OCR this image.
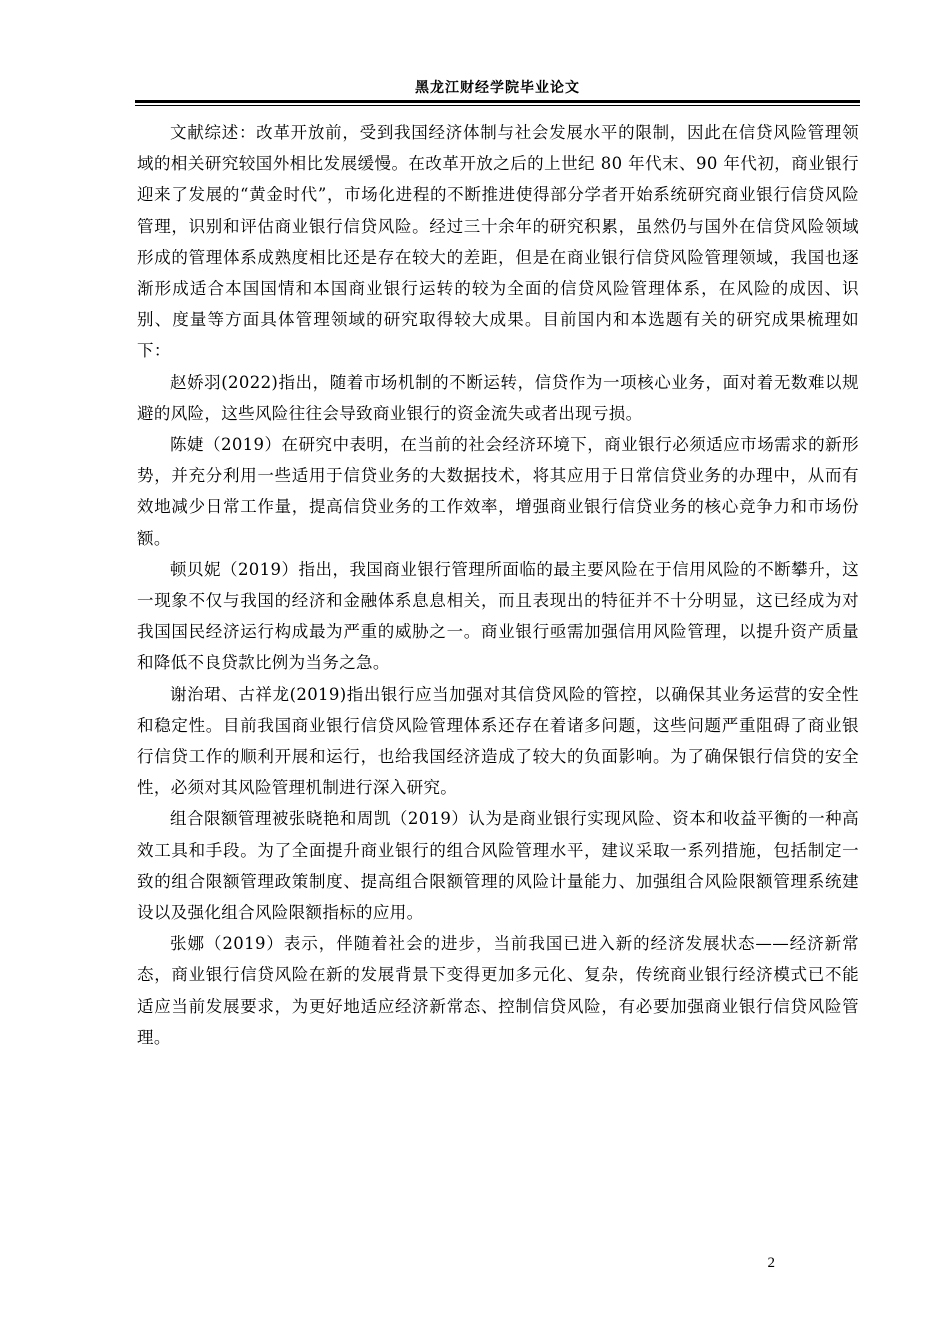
黑龙江财经学院毕业论文

文献综述：改革开放前，受到我国经济体制与社会发展水平的限制，因此在信贷风险管理领域的相关研究较国外相比发展缓慢。在改革开放之后的上世纪 80 年代末、90 年代初，商业银行迎来了发展的“黄金时代”，市场化进程的不断推进使得部分学者开始系统研究商业银行信贷风险管理，识别和评估商业银行信贷风险。经过三十余年的研究积累，虽然仍与国外在信贷风险领域形成的管理体系成熟度相比还是存在较大的差距，但是在商业银行信贷风险管理领域，我国也逐渐形成适合本国国情和本国商业银行运转的较为全面的信贷风险管理体系，在风险的成因、识别、度量等方面具体管理领域的研究取得较大成果。目前国内和本选题有关的研究成果梳理如下：

赵娇羽(2022)指出，随着市场机制的不断运转，信贷作为一项核心业务，面对着无数难以规避的风险，这些风险往往会导致商业银行的资金流失或者出现亏损。

陈婕（2019）在研究中表明，在当前的社会经济环境下，商业银行必须适应市场需求的新形势，并充分利用一些适用于信贷业务的大数据技术，将其应用于日常信贷业务的办理中，从而有效地减少日常工作量，提高信贷业务的工作效率，增强商业银行信贷业务的核心竞争力和市场份额。

顿贝妮（2019）指出，我国商业银行管理所面临的最主要风险在于信用风险的不断攀升，这一现象不仅与我国的经济和金融体系息息相关，而且表现出的特征并不十分明显，这已经成为对我国国民经济运行构成最为严重的威胁之一。商业银行亟需加强信用风险管理，以提升资产质量和降低不良贷款比例为当务之急。

谢治珺、古祥龙(2019)指出银行应当加强对其信贷风险的管控，以确保其业务运营的安全性和稳定性。目前我国商业银行信贷风险管理体系还存在着诸多问题，这些问题严重阻碍了商业银行信贷工作的顺利开展和运行，也给我国经济造成了较大的负面影响。为了确保银行信贷的安全性，必须对其风险管理机制进行深入研究。

组合限额管理被张晓艳和周凯（2019）认为是商业银行实现风险、资本和收益平衡的一种高效工具和手段。为了全面提升商业银行的组合风险管理水平，建议采取一系列措施，包括制定一致的组合限额管理政策制度、提高组合限额管理的风险计量能力、加强组合风险限额管理系统建设以及强化组合风险限额指标的应用。

张娜（2019）表示，伴随着社会的进步，当前我国已进入新的经济发展状态——经济新常态，商业银行信贷风险在新的发展背景下变得更加多元化、复杂，传统商业银行经济模式已不能适应当前发展要求，为更好地适应经济新常态、控制信贷风险，有必要加强商业银行信贷风险管理。

2
